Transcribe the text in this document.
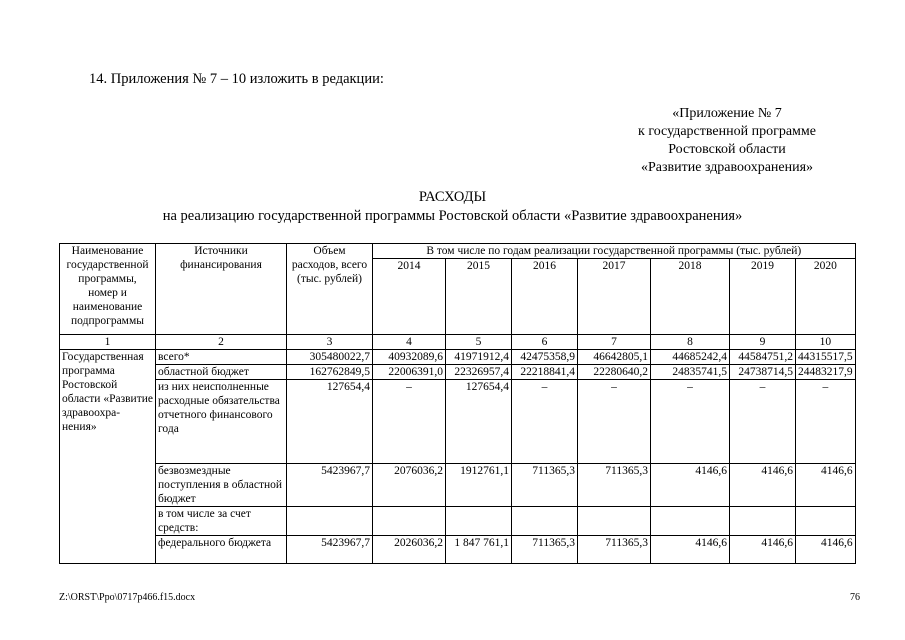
14. Приложения № 7 – 10 изложить в редакции:
«Приложение № 7
к государственной программе
Ростовской области
«Развитие здравоохранения»
РАСХОДЫ
на реализацию государственной программы Ростовской области «Развитие здравоохранения»
Наименование государственной программы, номер и наименование подпрограммы	Источники финансирования	Объем расходов, всего (тыс. рублей)	В том числе по годам реализации государственной программы (тыс. рублей)						
			2014	2015	2016	2017	2018	2019	2020
1	2	3	4	5	6	7	8	9	10
Государственная программа Ростовской области «Развитие здравоохра-нения»	всего*	305480022,7	40932089,6	41971912,4	42475358,9	46642805,1	44685242,4	44584751,2	44315517,5
	областной бюджет	162762849,5	22006391,0	22326957,4	22218841,4	22280640,2	24835741,5	24738714,5	24483217,9
	из них неисполненные расходные обязательства отчетного финансового года	127654,4	–	127654,4	–	–	–	–	–
	безвозмездные поступления в областной бюджет	5423967,7	2076036,2	1912761,1	711365,3	711365,3	4146,6	4146,6	4146,6
	в том числе за счет средств:								
	федерального бюджета	5423967,7	2026036,2	1 847 761,1	711365,3	711365,3	4146,6	4146,6	4146,6
Z:\ORST\Ppo\0717p466.f15.docx	76
